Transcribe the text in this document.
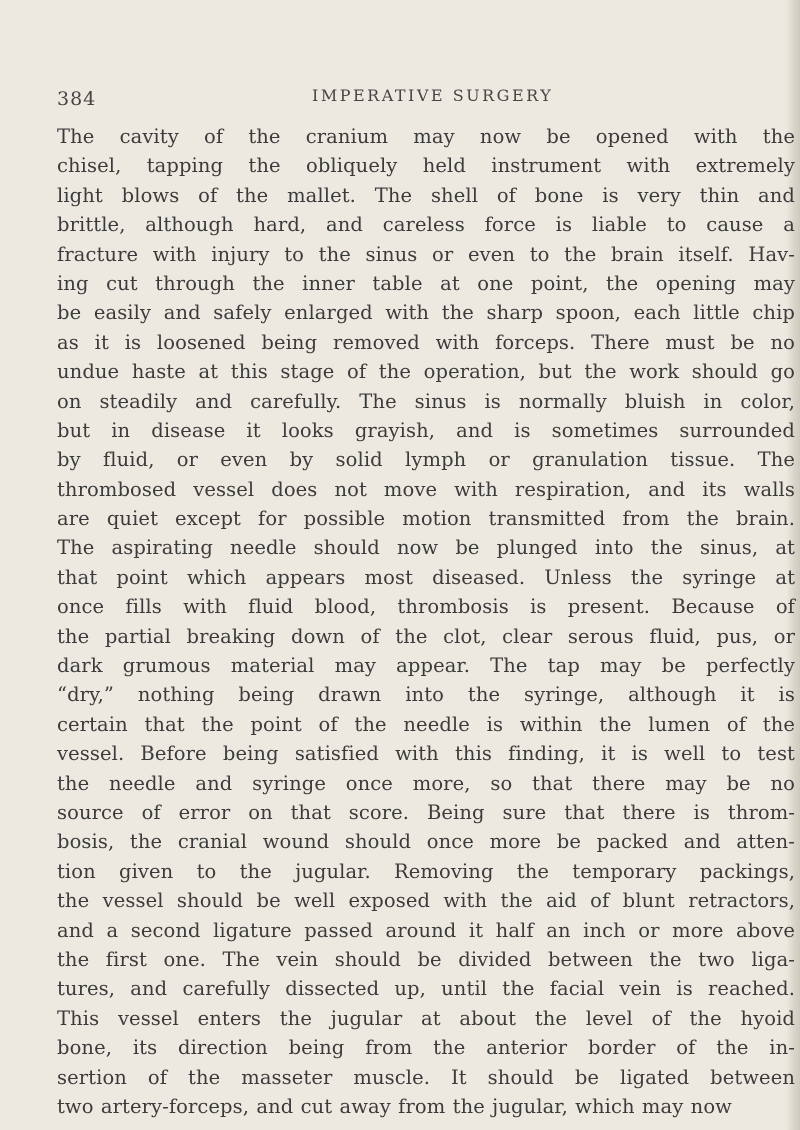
384	IMPERATIVE SURGERY
The cavity of the cranium may now be opened with the
chisel, tapping the obliquely held instrument with extremely
light blows of the mallet. The shell of bone is very thin and
brittle, although hard, and careless force is liable to cause a
fracture with injury to the sinus or even to the brain itself. Hav-
ing cut through the inner table at one point, the opening may
be easily and safely enlarged with the sharp spoon, each little chip
as it is loosened being removed with forceps. There must be no
undue haste at this stage of the operation, but the work should go
on steadily and carefully. The sinus is normally bluish in color,
but in disease it looks grayish, and is sometimes surrounded
by fluid, or even by solid lymph or granulation tissue. The
thrombosed vessel does not move with respiration, and its walls
are quiet except for possible motion transmitted from the brain.
The aspirating needle should now be plunged into the sinus, at
that point which appears most diseased. Unless the syringe at
once fills with fluid blood, thrombosis is present. Because of
the partial breaking down of the clot, clear serous fluid, pus, or
dark grumous material may appear. The tap may be perfectly
“dry,” nothing being drawn into the syringe, although it is
certain that the point of the needle is within the lumen of the
vessel. Before being satisfied with this finding, it is well to test
the needle and syringe once more, so that there may be no
source of error on that score. Being sure that there is throm-
bosis, the cranial wound should once more be packed and atten-
tion given to the jugular. Removing the temporary packings,
the vessel should be well exposed with the aid of blunt retractors,
and a second ligature passed around it half an inch or more above
the first one. The vein should be divided between the two liga-
tures, and carefully dissected up, until the facial vein is reached.
This vessel enters the jugular at about the level of the hyoid
bone, its direction being from the anterior border of the in-
sertion of the masseter muscle. It should be ligated between
two artery-forceps, and cut away from the jugular, which may now
